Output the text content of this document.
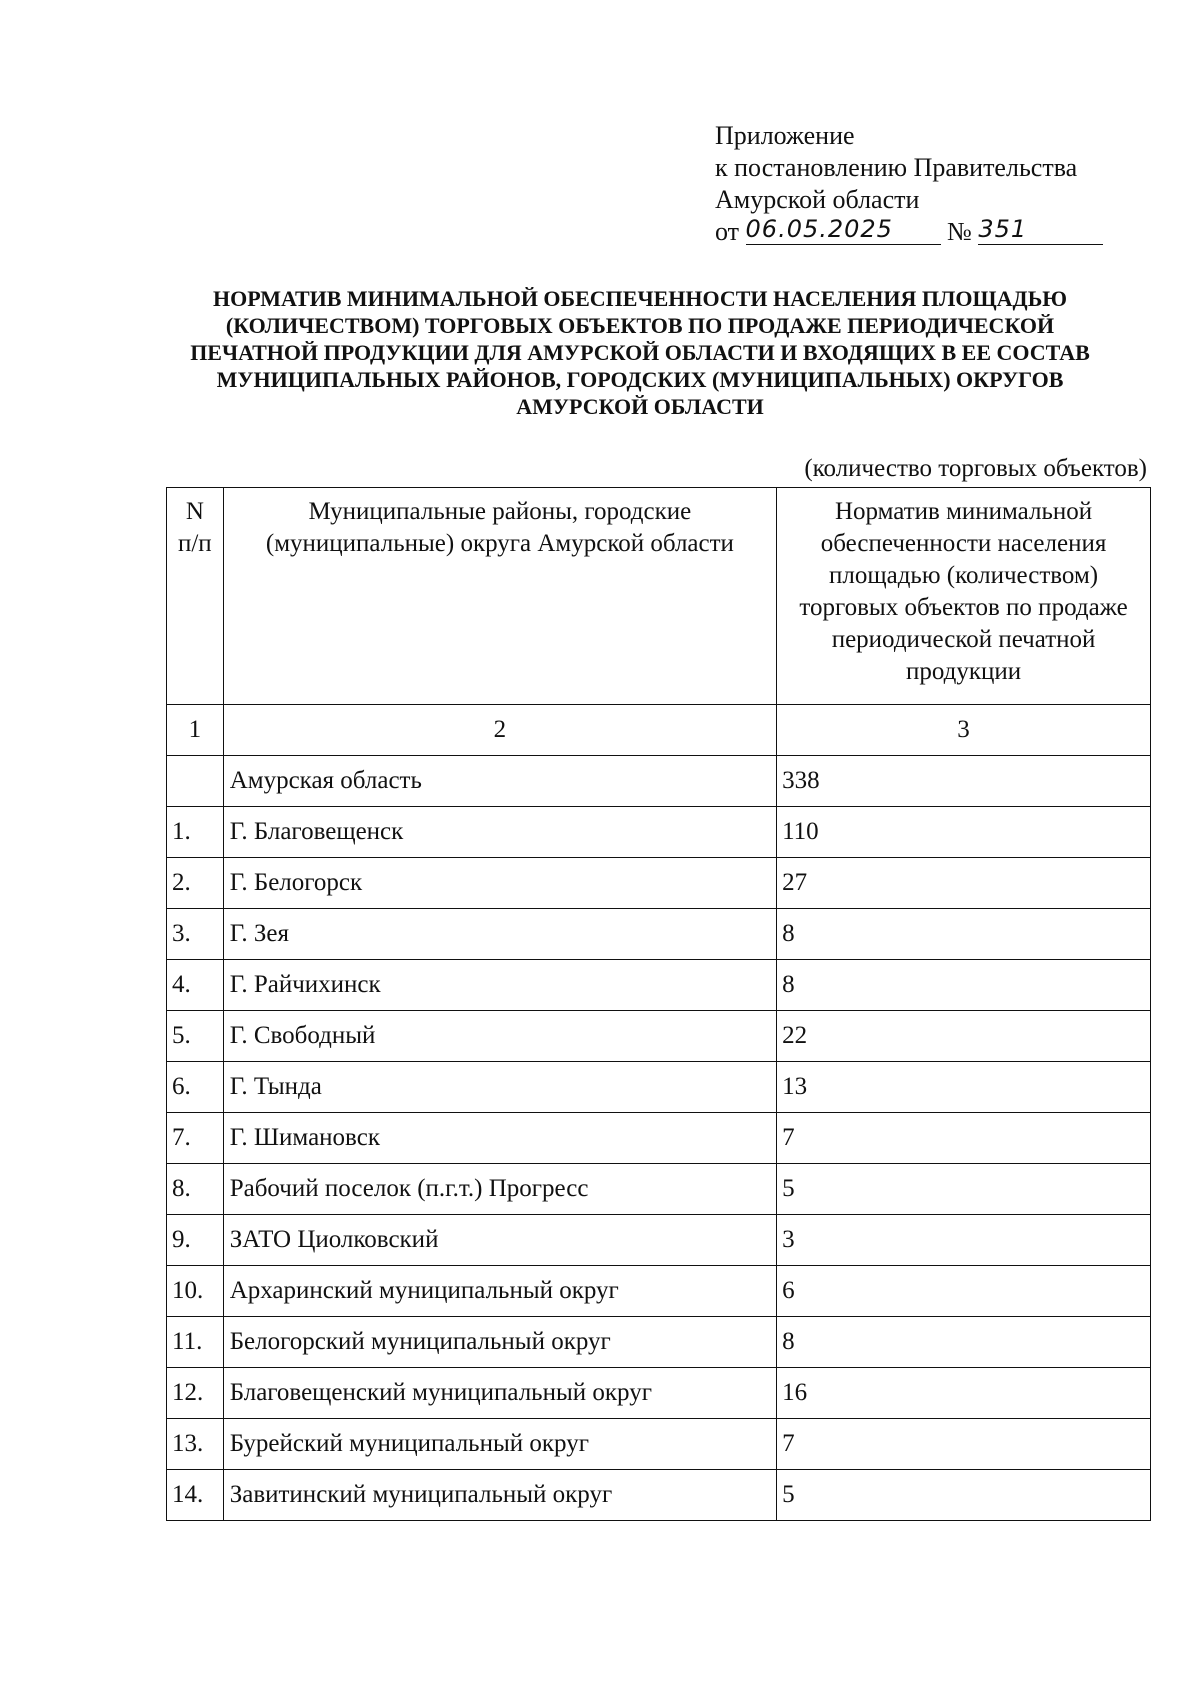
Приложение
к постановлению Правительства
Амурской области
от 06.05.2025 № 351
НОРМАТИВ МИНИМАЛЬНОЙ ОБЕСПЕЧЕННОСТИ НАСЕЛЕНИЯ ПЛОЩАДЬЮ (КОЛИЧЕСТВОМ) ТОРГОВЫХ ОБЪЕКТОВ ПО ПРОДАЖЕ ПЕРИОДИЧЕСКОЙ ПЕЧАТНОЙ ПРОДУКЦИИ ДЛЯ АМУРСКОЙ ОБЛАСТИ И ВХОДЯЩИХ В ЕЕ СОСТАВ МУНИЦИПАЛЬНЫХ РАЙОНОВ, ГОРОДСКИХ (МУНИЦИПАЛЬНЫХ) ОКРУГОВ АМУРСКОЙ ОБЛАСТИ
(количество торговых объектов)
N п/п	Муниципальные районы, городские (муниципальные) округа Амурской области	Норматив минимальной обеспеченности населения площадью (количеством) торговых объектов по продаже периодической печатной продукции
1	2	3
	Амурская область	338
1.	Г. Благовещенск	110
2.	Г. Белогорск	27
3.	Г. Зея	8
4.	Г. Райчихинск	8
5.	Г. Свободный	22
6.	Г. Тында	13
7.	Г. Шимановск	7
8.	Рабочий поселок (п.г.т.) Прогресс	5
9.	ЗАТО Циолковский	3
10.	Архаринский муниципальный округ	6
11.	Белогорский муниципальный округ	8
12.	Благовещенский муниципальный округ	16
13.	Бурейский муниципальный округ	7
14.	Завитинский муниципальный округ	5
